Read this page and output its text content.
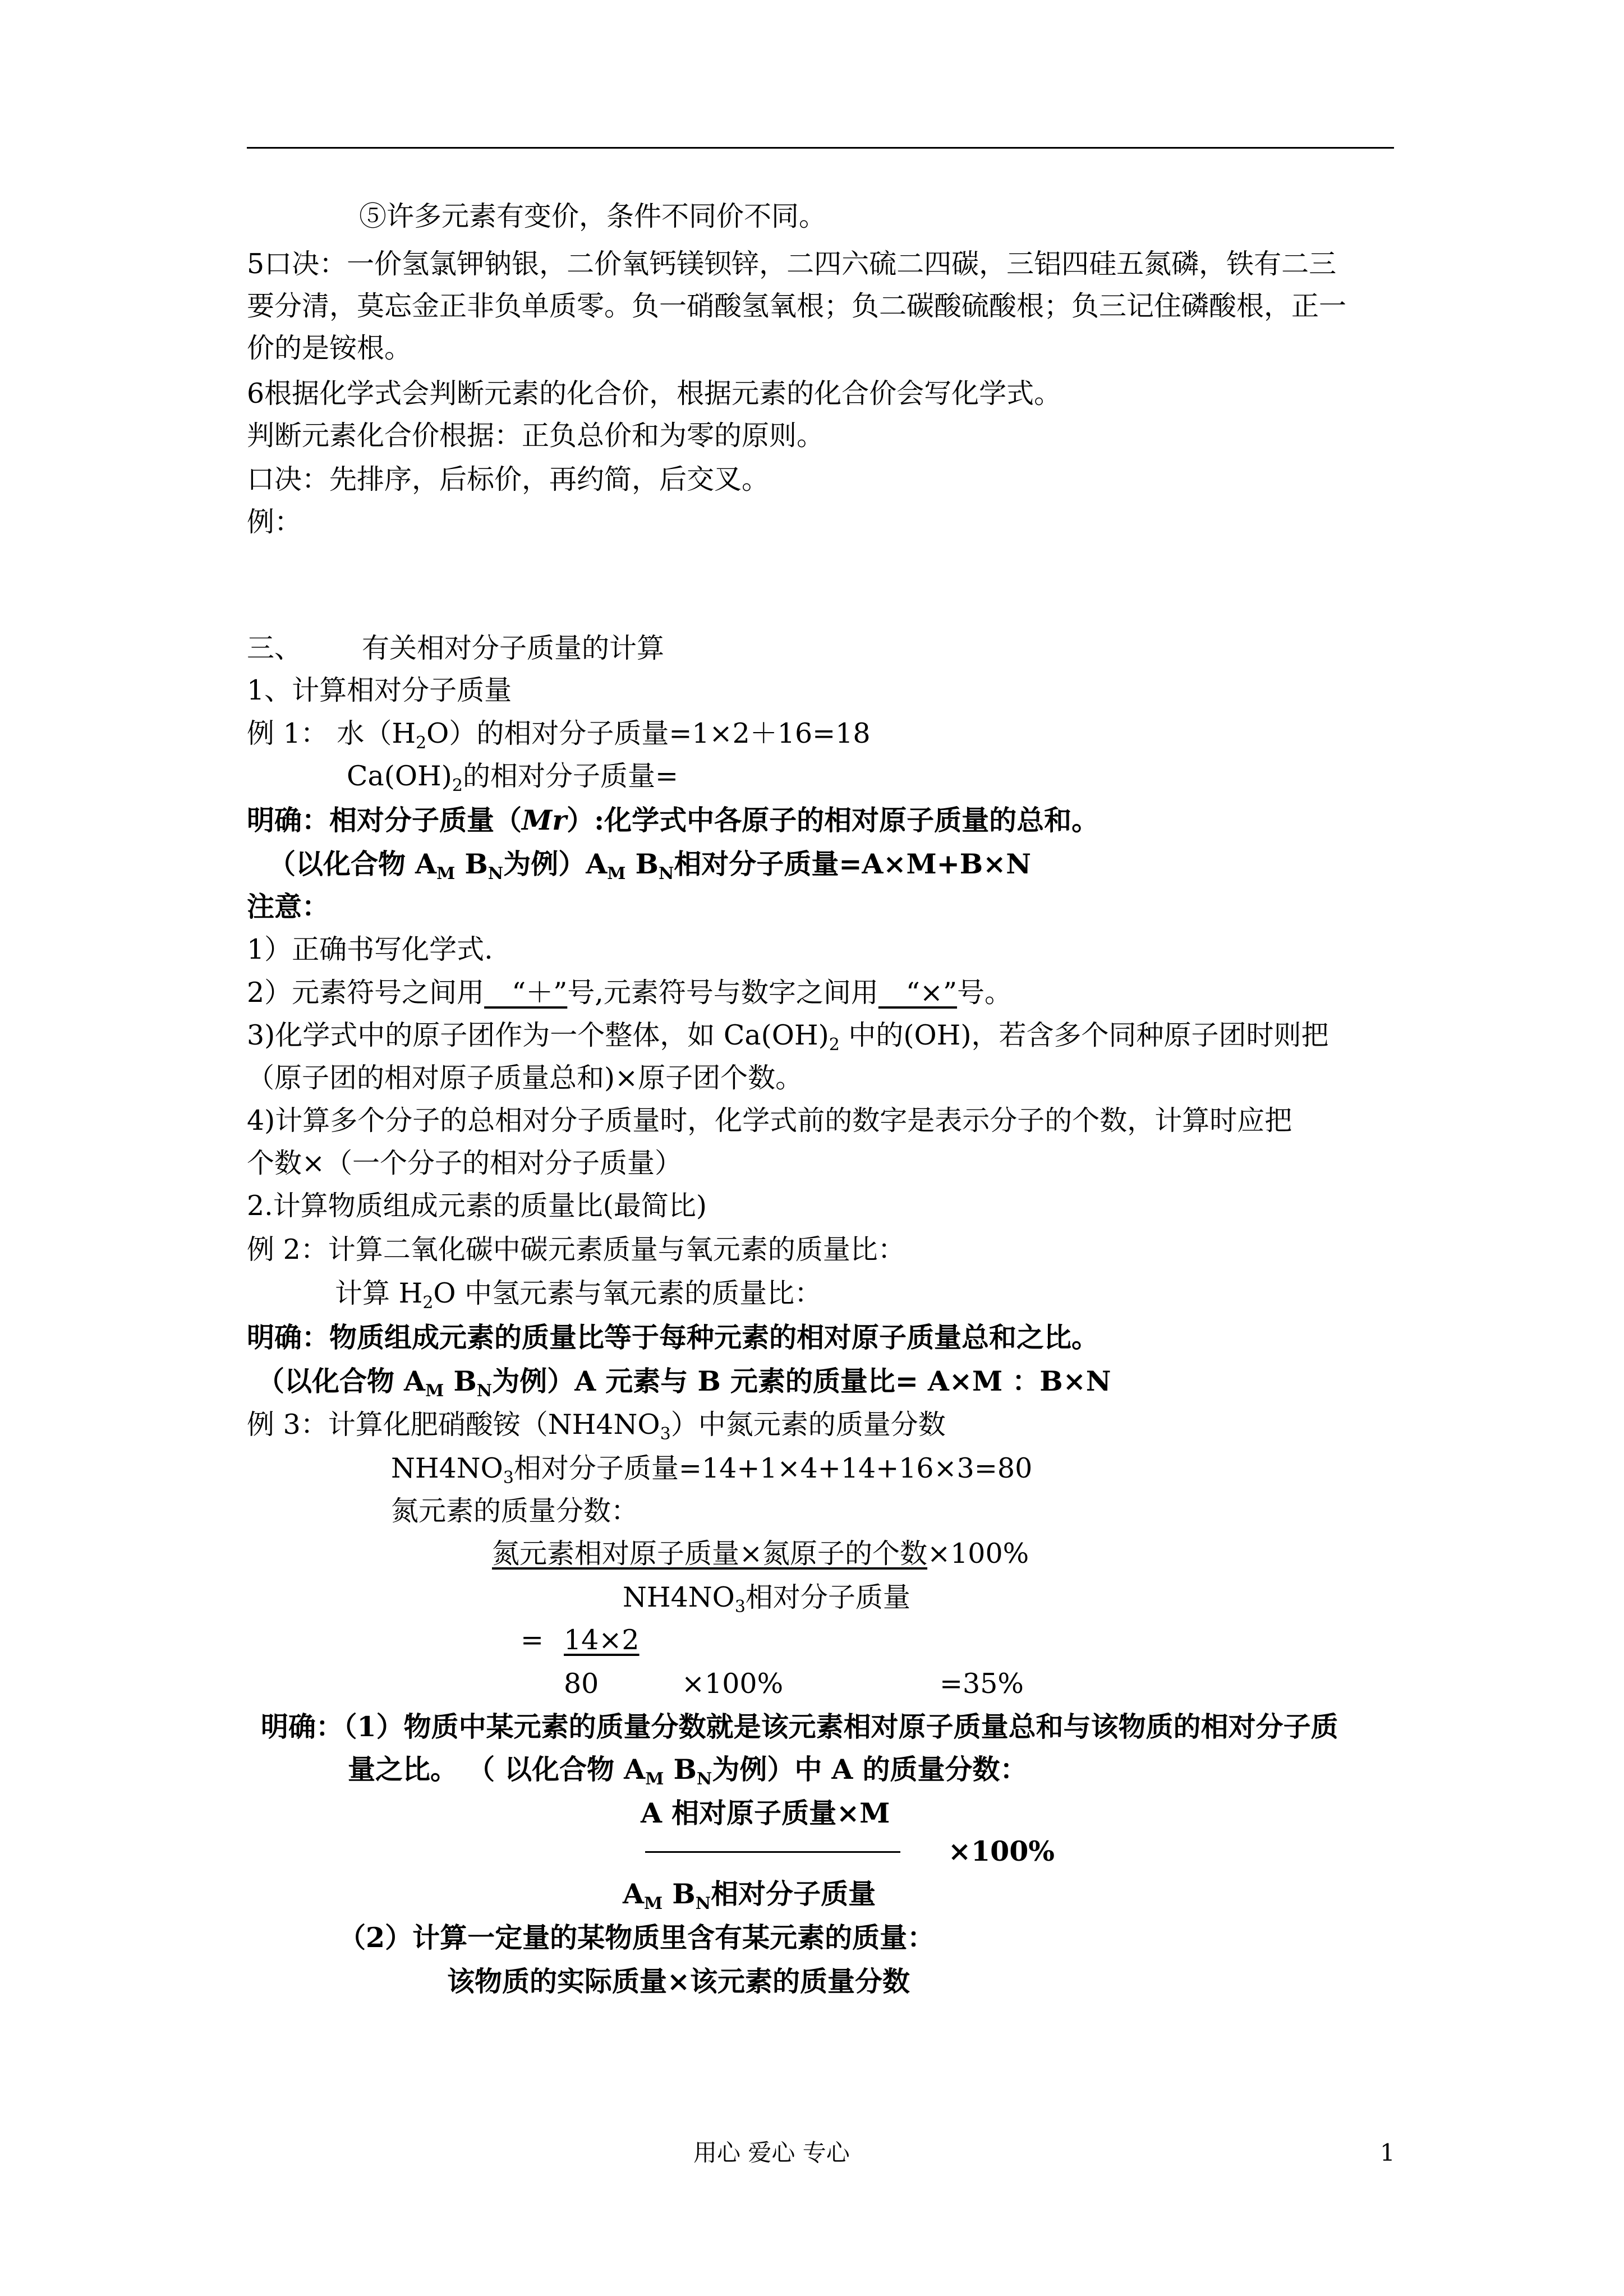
⑤许多元素有变价，条件不同价不同。
5口决：一价氢氯钾钠银，二价氧钙镁钡锌，二四六硫二四碳，三铝四硅五氮磷，铁有二三
要分清，莫忘金正非负单质零。负一硝酸氢氧根；负二碳酸硫酸根；负三记住磷酸根，正一
价的是铵根。
6根据化学式会判断元素的化合价，根据元素的化合价会写化学式。
判断元素化合价根据：正负总价和为零的原则。
口决：先排序，后标价，再约简，后交叉。
例：
三、 有关相对分子质量的计算
1、计算相对分子质量
例 1： 水$(H_2O)$的相对分子质量=1×2＋16=18
$Ca(OH)_2$的相对分子质量=
明确：相对分子质量（Mr）:化学式中各原子的相对原子质量的总和。
（以化合物 $A_M$ $B_N$为例）$A_M$ $B_N$相对分子质量=A×M+B×N
注意：
1）正确书写化学式.
2）元素符号之间用__“＋”号,元素符号与数字之间用__“×”号。
3)化学式中的原子团作为一个整体，如 $Ca(OH)_2$ 中的(OH)，若含多个同种原子团时则把
（原子团的相对原子质量总和)×原子团个数。
4)计算多个分子的总相对分子质量时，化学式前的数字是表示分子的个数，计算时应把
个数×（一个分子的相对分子质量）
2.计算物质组成元素的质量比(最简比)
例 2：计算二氧化碳中碳元素质量与氧元素的质量比：
计算 $H_2O$ 中氢元素与氧元素的质量比：
明确：物质组成元素的质量比等于每种元素的相对原子质量总和之比。
（以化合物 $A_M$ $B_N$为例）A 元素与 B 元素的质量比= A×M ：B×N
例 3：计算化肥硝酸铵$(NH4NO_3)$中氮元素的质量分数
$NH4NO_3$相对分子质量=14+1×4+14+16×3=80
氮元素的质量分数：
氮元素相对原子质量×氮原子的个数×100%
$NH4NO_3$相对分子质量
= 14×2
80	×100%	=35%
明确：（1）物质中某元素的质量分数就是该元素相对原子质量总和与该物质的相对分子质
量之比。 （ 以化合物 $A_M$ $B_N$为例）中 A 的质量分数：
A 相对原子质量×M
×100%
$A_M$ $B_N$相对分子质量
（2）计算一定量的某物质里含有某元素的质量：
该物质的实际质量×该元素的质量分数
用心 爱心 专心	1
